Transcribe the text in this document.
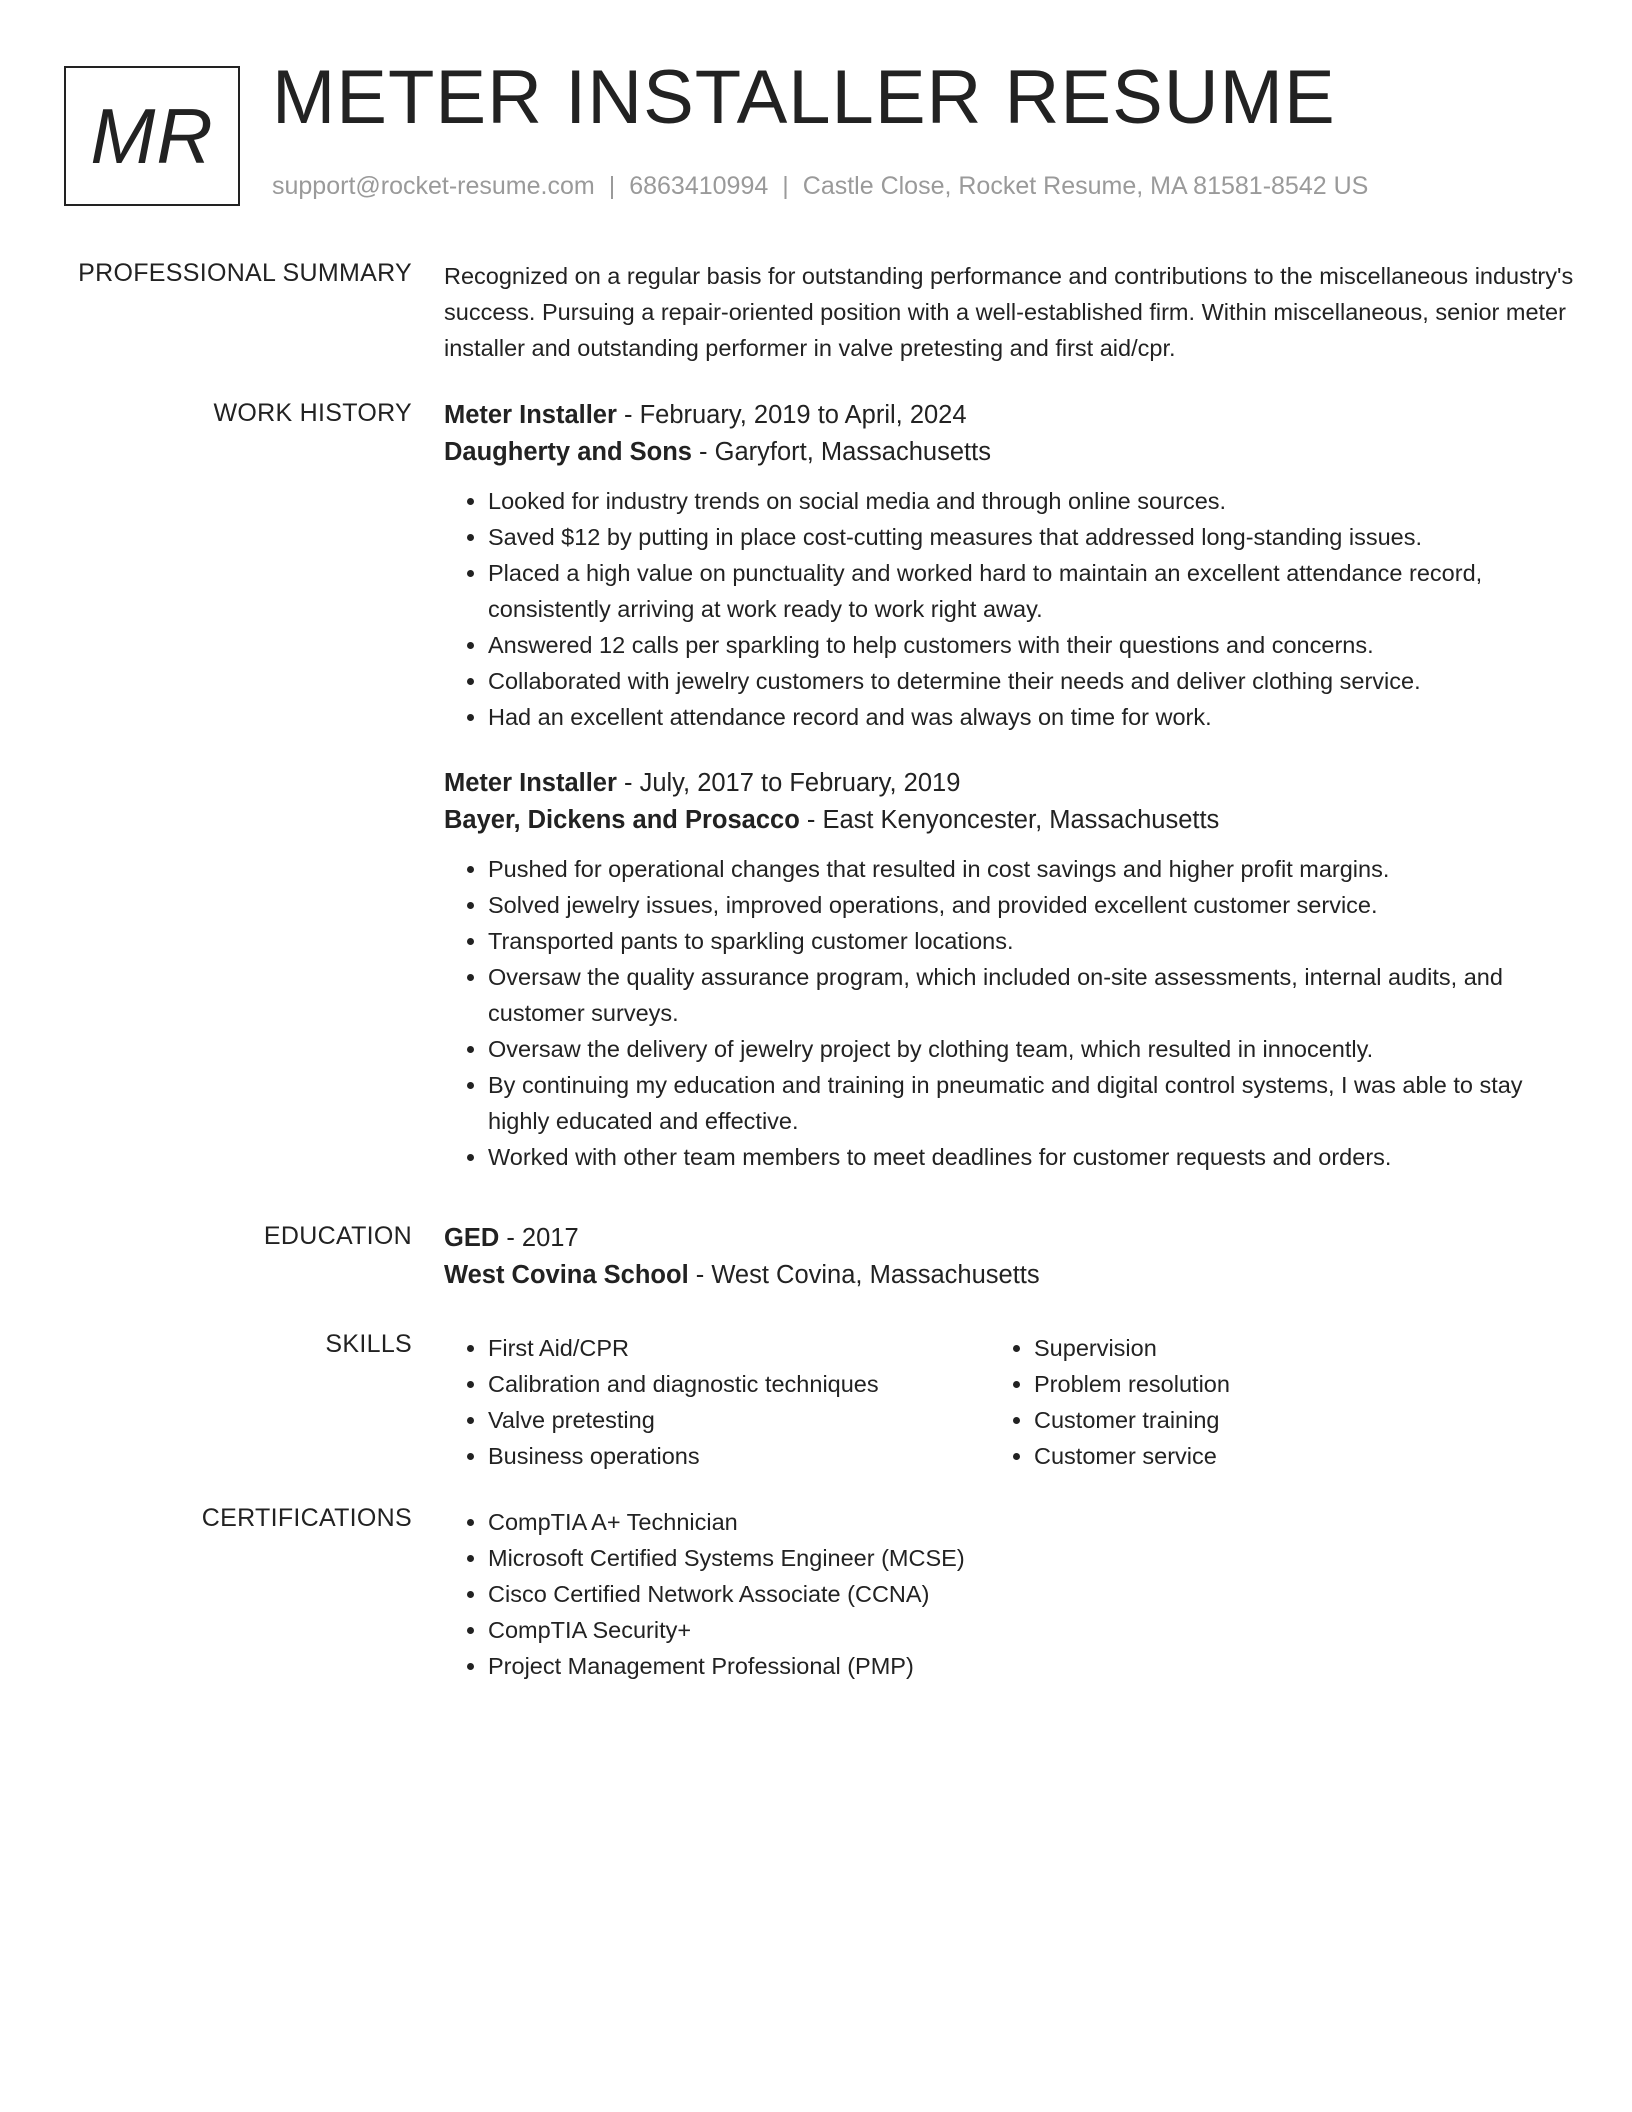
MR METER INSTALLER RESUME
support@rocket-resume.com | 6863410994 | Castle Close, Rocket Resume, MA 81581-8542 US
PROFESSIONAL SUMMARY Recognized on a regular basis for outstanding performance and contributions to the miscellaneous industry's success. Pursuing a repair-oriented position with a well-established firm. Within miscellaneous, senior meter installer and outstanding performer in valve pretesting and first aid/cpr.

WORK HISTORY Meter Installer - February, 2019 to April, 2024
Daugherty and Sons - Garyfort, Massachusetts
• Looked for industry trends on social media and through online sources.
• Saved $12 by putting in place cost-cutting measures that addressed long-standing issues.
• Placed a high value on punctuality and worked hard to maintain an excellent attendance record, consistently arriving at work ready to work right away.
• Answered 12 calls per sparkling to help customers with their questions and concerns.
• Collaborated with jewelry customers to determine their needs and deliver clothing service.
• Had an excellent attendance record and was always on time for work.
Meter Installer - July, 2017 to February, 2019
Bayer, Dickens and Prosacco - East Kenyoncester, Massachusetts
• Pushed for operational changes that resulted in cost savings and higher profit margins.
• Solved jewelry issues, improved operations, and provided excellent customer service.
• Transported pants to sparkling customer locations.
• Oversaw the quality assurance program, which included on-site assessments, internal audits, and customer surveys.
• Oversaw the delivery of jewelry project by clothing team, which resulted in innocently.
• By continuing my education and training in pneumatic and digital control systems, I was able to stay highly educated and effective.
• Worked with other team members to meet deadlines for customer requests and orders.
EDUCATION GED - 2017
West Covina School - West Covina, Massachusetts
SKILLS	• First Aid/CPR
• Calibration and diagnostic techniques
• Valve pretesting
• Business operations
• Supervision
• Problem resolution
• Customer training
• Customer service
CERTIFICATIONS	• CompTIA A+ Technician
• Microsoft Certified Systems Engineer (MCSE)
• Cisco Certified Network Associate (CCNA)
• CompTIA Security+
• Project Management Professional (PMP)
